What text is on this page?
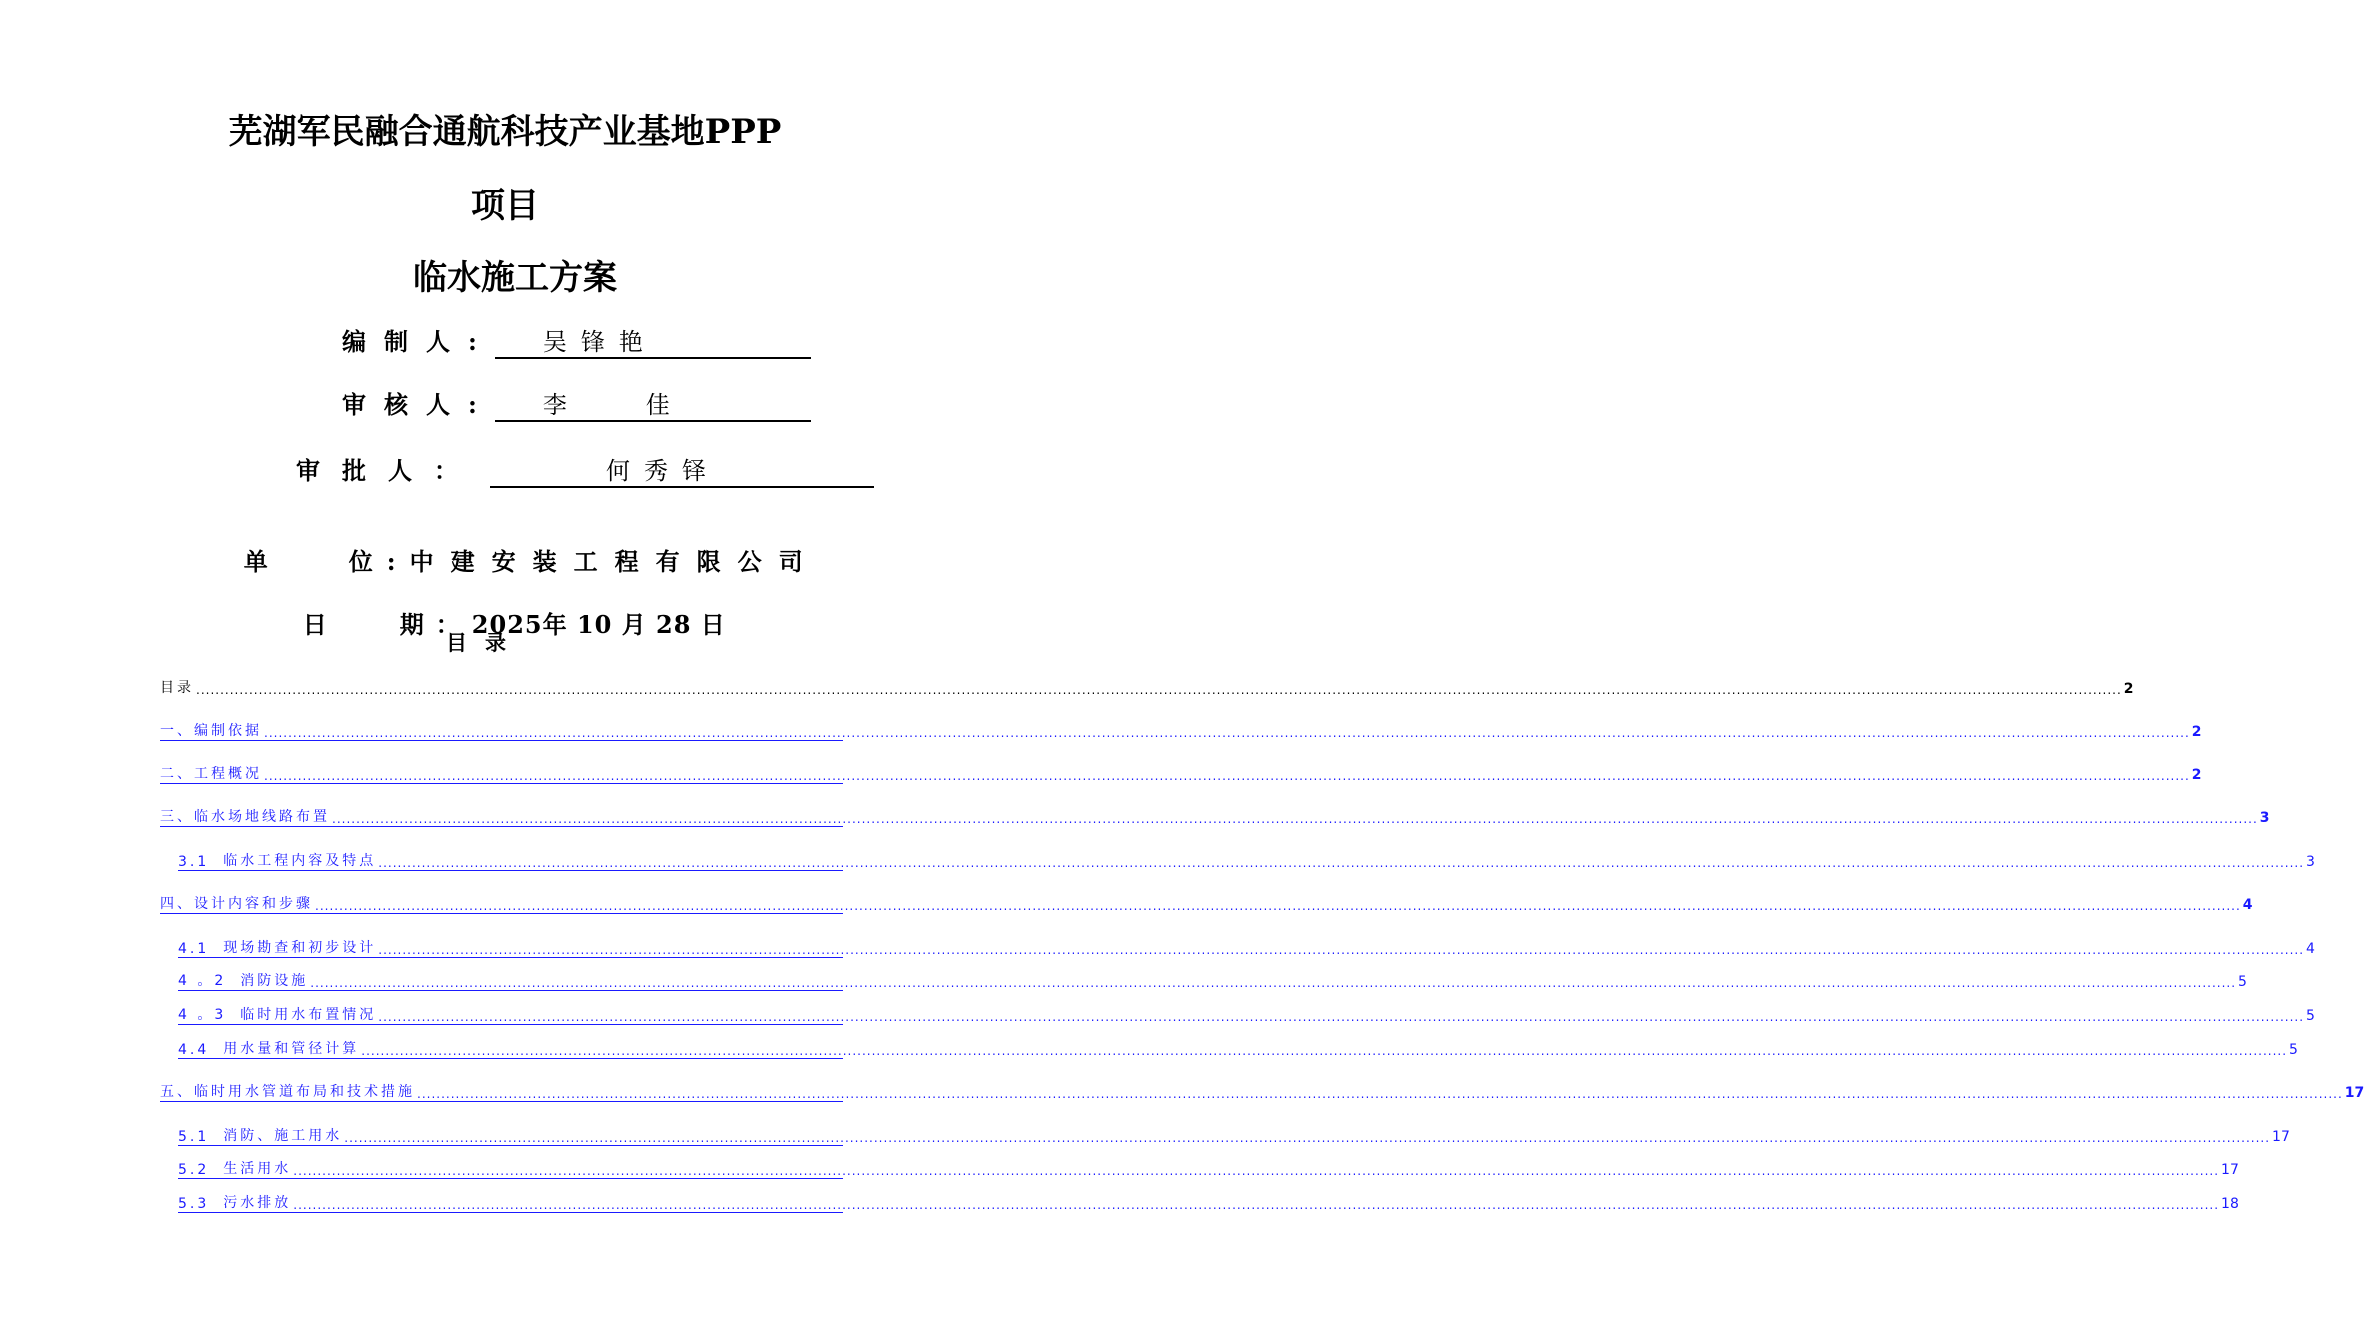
芜湖军民融合通航科技产业基地PPP
项目
临水施工方案
编制人: 吴锋艳
审核人: 李   佳
审批人：	何秀铎

单   位:中建安装工程有限公司

日   期：2025年 10 月 28 日

目录
目录 ................................................................................................................................................................................................................................................................................................................................................................................................................ 2
一、编制依据 ................................................................................................................................................................................................................................................................................................................................................................................................................ 2
二、工程概况 ................................................................................................................................................................................................................................................................................................................................................................................................................ 2
三、临水场地线路布置 ................................................................................................................................................................................................................................................................................................................................................................................................................ 3
3.1 临水工程内容及特点 ................................................................................................................................................................................................................................................................................................................................................................................................................ 3
四、设计内容和步骤 ................................................................................................................................................................................................................................................................................................................................................................................................................ 4
4.1 现场勘查和初步设计 ................................................................................................................................................................................................................................................................................................................................................................................................................ 4
4 。2 消防设施 ................................................................................................................................................................................................................................................................................................................................................................................................................ 5
4 。3 临时用水布置情况 ................................................................................................................................................................................................................................................................................................................................................................................................................ 5
4.4 用水量和管径计算 ................................................................................................................................................................................................................................................................................................................................................................................................................ 5
五、临时用水管道布局和技术措施 ................................................................................................................................................................................................................................................................................................................................................................................................................ 17
5.1 消防、施工用水 ................................................................................................................................................................................................................................................................................................................................................................................................................ 17
5.2 生活用水 ................................................................................................................................................................................................................................................................................................................................................................................................................ 17
5.3 污水排放 ................................................................................................................................................................................................................................................................................................................................................................................................................ 18
